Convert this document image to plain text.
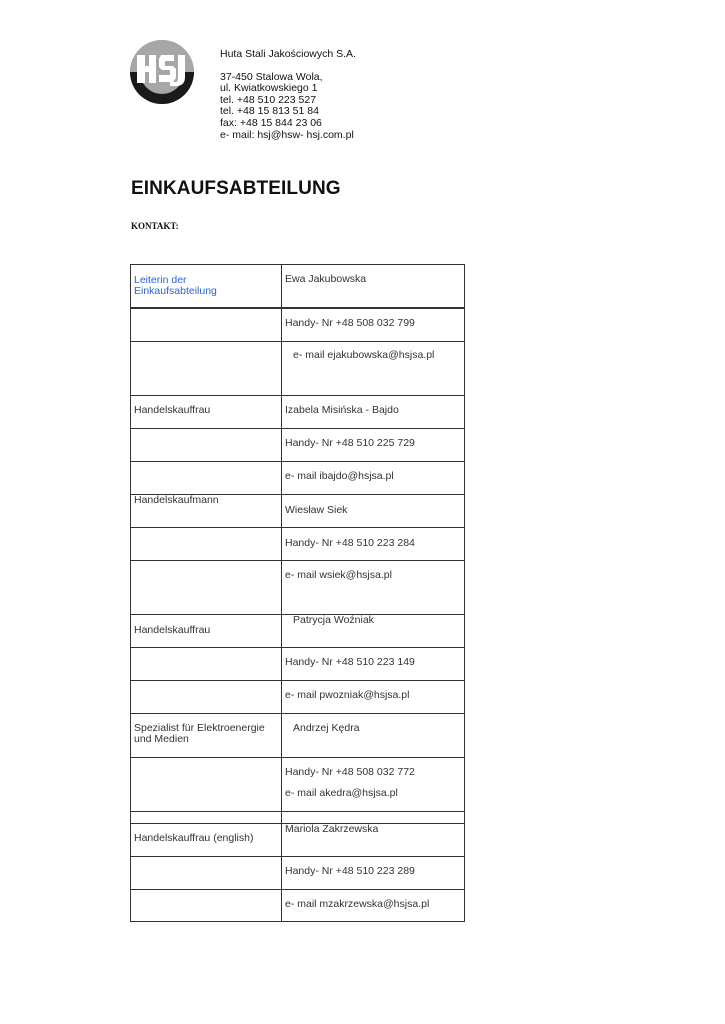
Huta Stali Jakościowych S.A.
37-450 Stalowa Wola,
ul. Kwiatkowskiego 1
tel. +48 510 223 527
tel. +48 15 813 51 84
fax: +48 15 844 23 06
e- mail: hsj@hsw- hsj.com.pl
EINKAUFSABTEILUNG
KONTAKT:
Leiterin der
Einkaufsabteilung
Ewa Jakubowska
Handy- Nr +48 508 032 799
e- mail ejakubowska@hsjsa.pl
Handelskauffrau	Izabela Misińska - Bajdo
Handy- Nr +48 510 225 729
e- mail ibajdo@hsjsa.pl
Handelskaufmann
Wiesław Siek
Handy- Nr +48 510 223 284
e- mail wsiek@hsjsa.pl
Handelskauffrau
Patrycja Woźniak
Handy- Nr +48 510 223 149
e- mail pwozniak@hsjsa.pl
Spezialist für Elektroenergie
und Medien
Andrzej Kędra
Handy- Nr +48 508 032 772
e- mail akedra@hsjsa.pl
Handelskauffrau (english)
Mariola Zakrzewska
Handy- Nr +48 510 223 289
e- mail mzakrzewska@hsjsa.pl
